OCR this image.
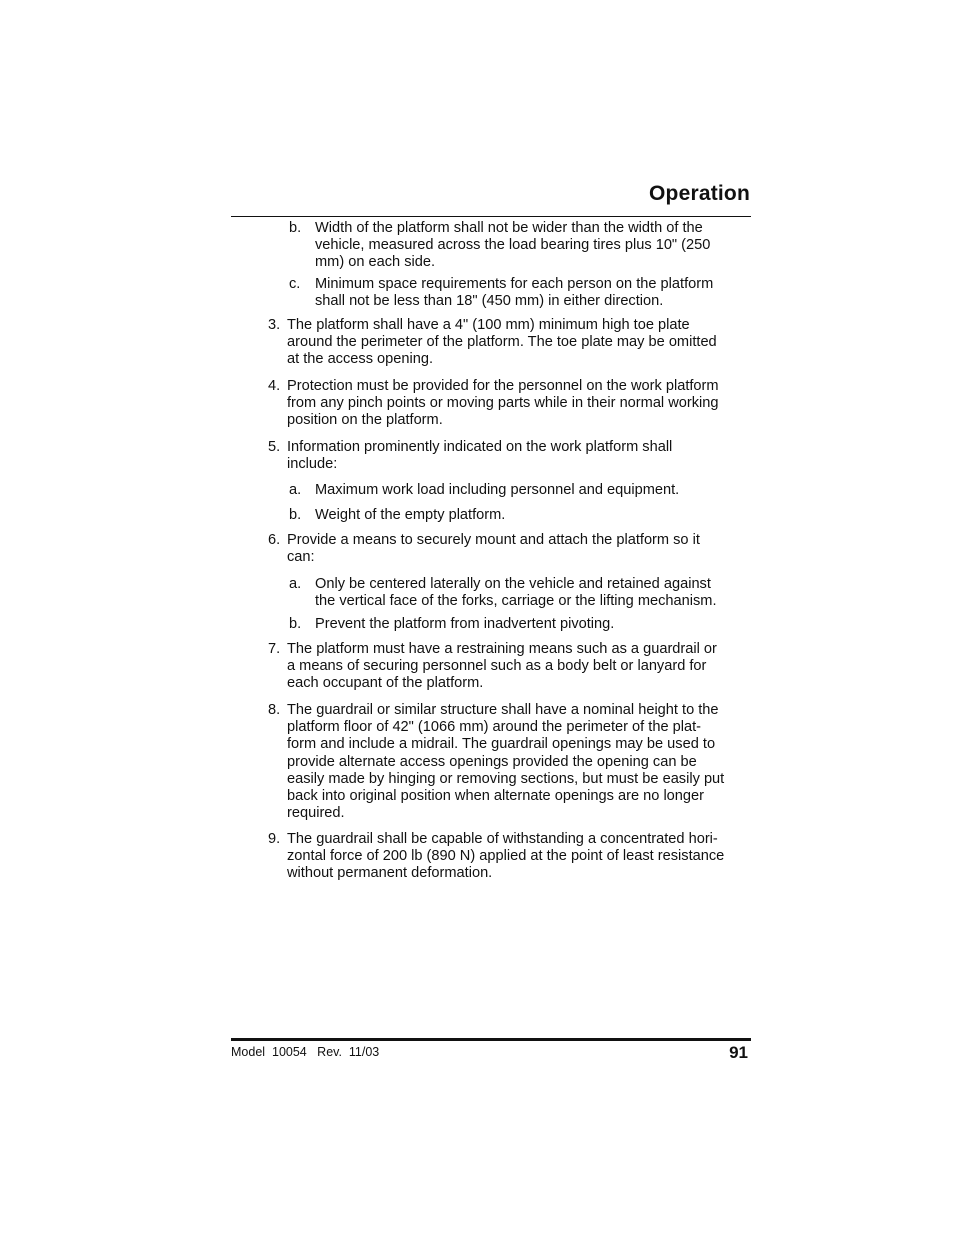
Operation
b. Width of the platform shall not be wider than the width of the
vehicle, measured across the load bearing tires plus 10" (250
mm) on each side.
c. Minimum space requirements for each person on the platform
shall not be less than 18" (450 mm) in either direction.
3. The platform shall have a 4" (100 mm) minimum high toe plate
around the perimeter of the platform. The toe plate may be omitted
at the access opening.
4. Protection must be provided for the personnel on the work platform
from any pinch points or moving parts while in their normal working
position on the platform.
5. Information prominently indicated on the work platform shall
include:
a. Maximum work load including personnel and equipment.
b. Weight of the empty platform.
6. Provide a means to securely mount and attach the platform so it
can:
a. Only be centered laterally on the vehicle and retained against
the vertical face of the forks, carriage or the lifting mechanism.
b. Prevent the platform from inadvertent pivoting.
7. The platform must have a restraining means such as a guardrail or
a means of securing personnel such as a body belt or lanyard for
each occupant of the platform.
8. The guardrail or similar structure shall have a nominal height to the
platform floor of 42" (1066 mm) around the perimeter of the plat-
form and include a midrail. The guardrail openings may be used to
provide alternate access openings provided the opening can be
easily made by hinging or removing sections, but must be easily put
back into original position when alternate openings are no longer
required.
9. The guardrail shall be capable of withstanding a concentrated hori-
zontal force of 200 lb (890 N) applied at the point of least resistance
without permanent deformation.
Model  10054   Rev.  11/03	91
